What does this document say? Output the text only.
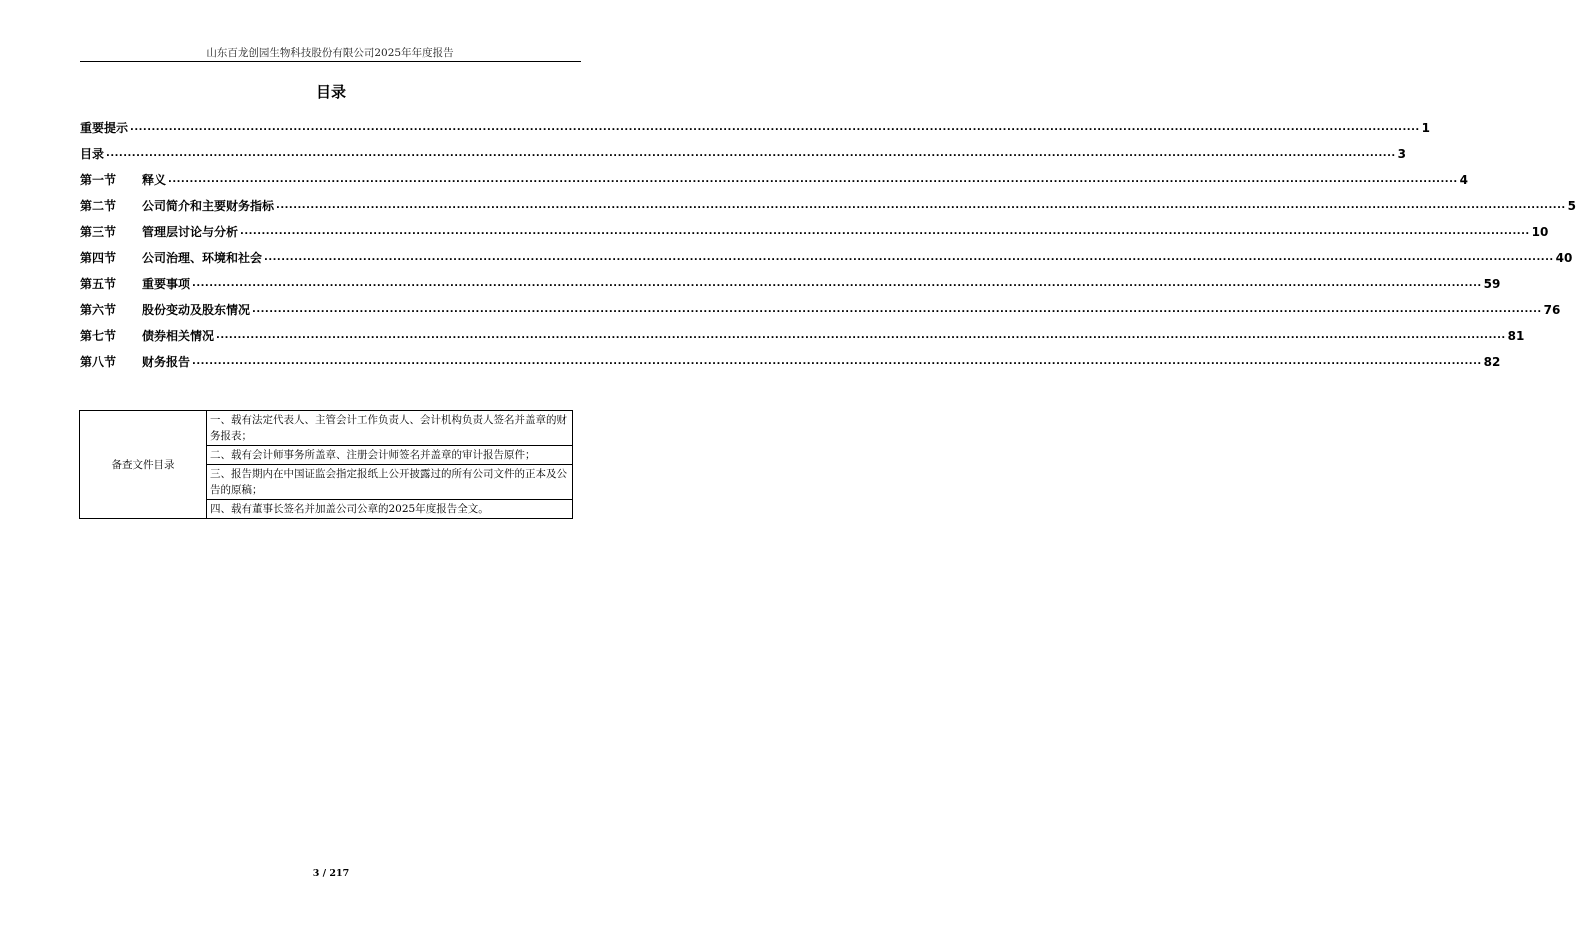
山东百龙创园生物科技股份有限公司2025年年度报告
目录
重要提示 ............................................................................................................................................................................................................................................................................................................ 1
目录 ............................................................................................................................................................................................................................................................................................................ 3
第一节	释义 ............................................................................................................................................................................................................................................................................................................ 4
第二节	公司简介和主要财务指标 ............................................................................................................................................................................................................................................................................................................ 5
第三节	管理层讨论与分析 ............................................................................................................................................................................................................................................................................................................ 10
第四节	公司治理、环境和社会 ............................................................................................................................................................................................................................................................................................................ 40
第五节	重要事项 ............................................................................................................................................................................................................................................................................................................ 59
第六节	股份变动及股东情况 ............................................................................................................................................................................................................................................................................................................ 76
第七节	债券相关情况 ............................................................................................................................................................................................................................................................................................................ 81
第八节	财务报告 ............................................................................................................................................................................................................................................................................................................ 82
备查文件目录	一、载有法定代表人、主管会计工作负责人、会计机构负责人签名并盖章的财务报表；
二、载有会计师事务所盖章、注册会计师签名并盖章的审计报告原件；
三、报告期内在中国证监会指定报纸上公开披露过的所有公司文件的正本及公告的原稿；
四、载有董事长签名并加盖公司公章的2025年度报告全文。
3 / 217
